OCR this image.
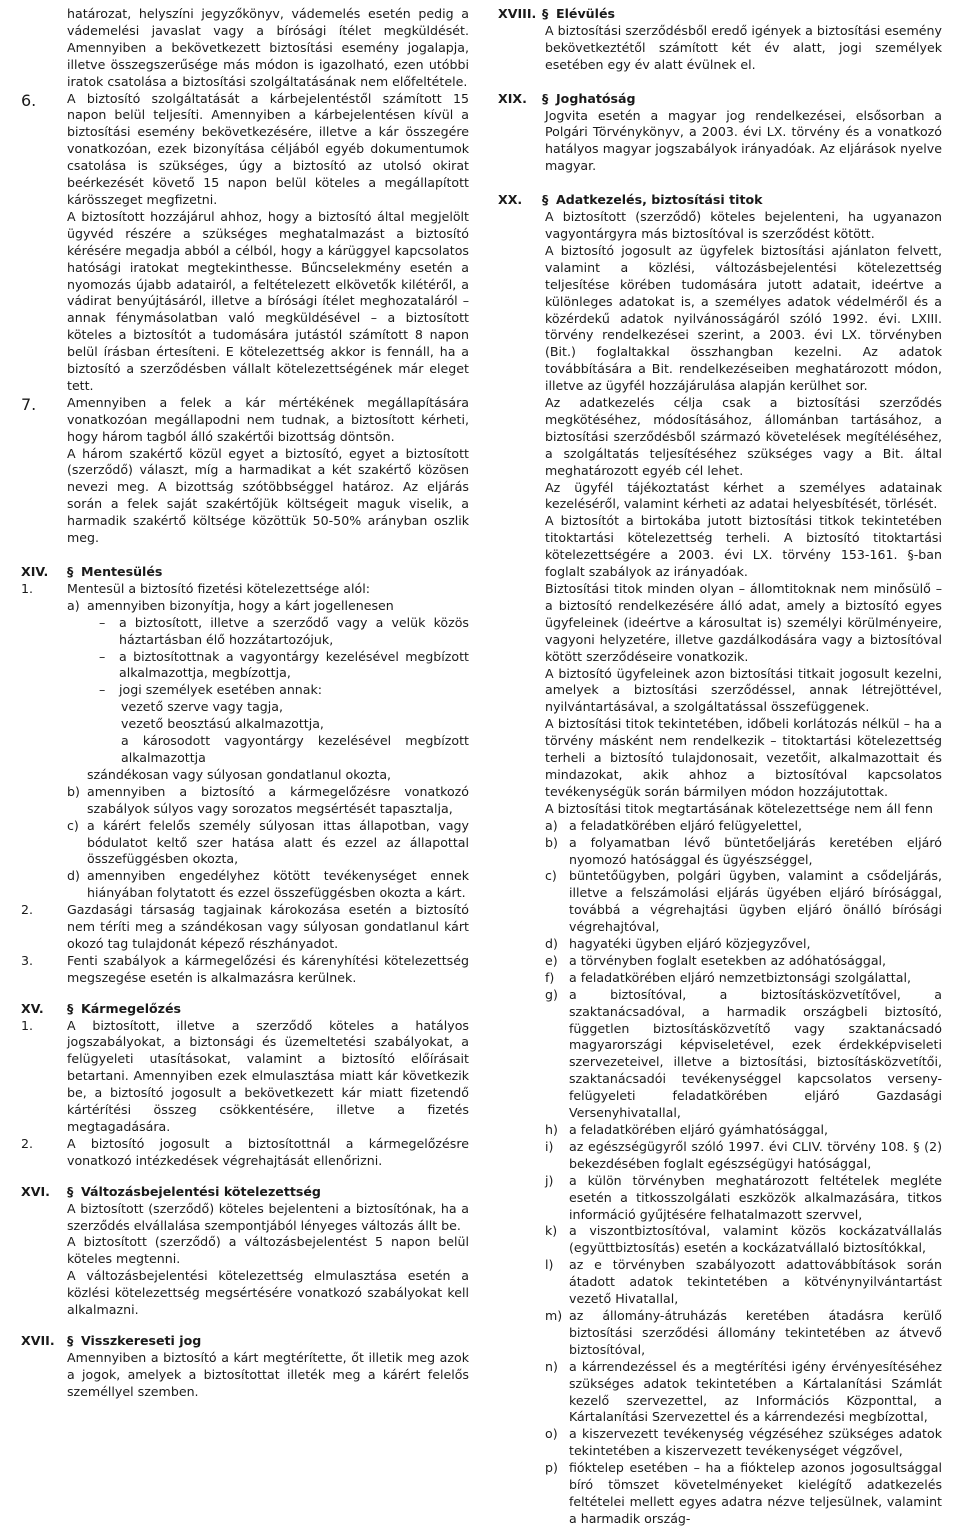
határozat, helyszíni jegyzőkönyv, vádemelés esetén pedig a vádemelési javaslat vagy a bírósági ítélet megküldését. Amennyiben a bekövetkezett biztosítási esemény jogalapja, illetve összegszerűsége más módon is igazolható, ezen utóbbi iratok csatolása a biztosítási szolgáltatásának nem előfeltétele.

6.	A biztosító szolgáltatását a kárbejelentéstől számított 15 napon belül teljesíti. Amennyiben a kárbejelentésen kívül a biztosítási esemény bekövetkezésére, illetve a kár összegére vonatkozóan, ezek bizonyítása céljából egyéb dokumentumok csatolása is szükséges, úgy a biztosító az utolsó okirat beérkezését követő 15 napon belül köteles a megállapított kárösszeget megfizetni.

A biztosított hozzájárul ahhoz, hogy a biztosító által megjelölt ügyvéd részére a szükséges meghatalmazást a biztosító kérésére megadja abból a célból, hogy a kárüggyel kapcsolatos hatósági iratokat megtekinthesse. Bűncselekmény esetén a nyomozás újabb adatairól, a feltételezett elkövetők kilétéről, a vádirat benyújtásáról, illetve a bírósági ítélet meghozataláról – annak fénymásolatban való megküldésével – a biztosított köteles a biztosítót a tudomására jutástól számított 8 napon belül írásban értesíteni. E kötelezettség akkor is fennáll, ha a biztosító a szerződésben vállalt kötelezettségének már eleget tett.

7.	Amennyiben a felek a kár mértékének megállapítására vonatkozóan megállapodni nem tudnak, a biztosított kérheti, hogy három tagból álló szakértői bizottság döntsön.

A három szakértő közül egyet a biztosító, egyet a biztosított (szerződő) választ, míg a harmadikat a két szakértő közösen nevezi meg. A bizottság szótöbbséggel határoz. Az eljárás során a felek saját szakértőjük költségeit maguk viselik, a harmadik szakértő költsége közöttük 50-50% arányban oszlik meg.

XIV.	§ Mentesülés
1.	Mentesül a biztosító fizetési kötelezettsége alól:

a) amennyiben bizonyítja, hogy a kárt jogellenesen

–	a biztosított, illetve a szerződő vagy a velük közös háztartásban élő hozzátartozójuk,

–	a biztosítottnak a vagyontárgy kezelésével megbízott alkalmazottja, megbízottja,

–	jogi személyek esetében annak:

vezető szerve vagy tagja,

vezető beosztású alkalmazottja,

a károsodott vagyontárgy kezelésével megbízott alkalmazottja

szándékosan vagy súlyosan gondatlanul okozta,

b) amennyiben a biztosító a kármegelőzésre vonatkozó szabályok súlyos vagy sorozatos megsértését tapasztalja,

c) a kárért felelős személy súlyosan ittas állapotban, vagy bódulatot keltő szer hatása alatt és ezzel az állapottal összefüggésben okozta,

d) amennyiben engedélyhez kötött tevékenységet ennek hiányában folytatott és ezzel összefüggésben okozta a kárt.

2.	Gazdasági társaság tagjainak károkozása esetén a biztosító nem téríti meg a szándékosan vagy súlyosan gondatlanul kárt okozó tag tulajdonát képező részhányadot.

3.	Fenti szabályok a kármegelőzési és kárenyhítési kötelezettség megszegése esetén is alkalmazásra kerülnek.

XV.	§ Kármegelőzés
1.	A biztosított, illetve a szerződő köteles a hatályos jogszabályokat, a biztonsági és üzemeltetési szabályokat, a felügyeleti utasításokat, valamint a biztosító előírásait betartani. Amennyiben ezek elmulasztása miatt kár következik be, a biztosító jogosult a bekövetkezett kár miatt fizetendő kártérítési összeg csökkentésére, illetve a fizetés megtagadására.

2.	A biztosító jogosult a biztosítottnál a kármegelőzésre vonatkozó intézkedések végrehajtását ellenőrizni.

XVI.	§ Változásbejelentési kötelezettség

A biztosított (szerződő) köteles bejelenteni a biztosítónak, ha a szerződés elvállalása szempontjából lényeges változás állt be.

A biztosított (szerződő) a változásbejelentést 5 napon belül köteles megtenni.

A változásbejelentési kötelezettség elmulasztása esetén a közlési kötelezettség megsértésére vonatkozó szabályokat kell alkalmazni.

XVII. § Visszkereseti jog

Amennyiben a biztosító a kárt megtérítette, őt illetik meg azok a jogok, amelyek a biztosítottat illeték meg a kárért felelős személlyel szemben.

XVIII. § Elévülés

A biztosítási szerződésből eredő igények a biztosítási esemény bekövetkeztétől számított két év alatt, jogi személyek esetében egy év alatt évülnek el.

XIX.	§ Joghatóság

Jogvita esetén a magyar jog rendelkezései, elsősorban a Polgári Törvénykönyv, a 2003. évi LX. törvény és a vonatkozó hatályos magyar jogszabályok irányadóak. Az eljárások nyelve magyar.

XX.	§ Adatkezelés, biztosítási titok

A biztosított (szerződő) köteles bejelenteni, ha ugyanazon vagyontárgyra más biztosítóval is szerződést kötött.

A biztosító jogosult az ügyfelek biztosítási ajánlaton felvett, valamint a közlési, változásbejelentési kötelezettség teljesítése körében tudomására jutott adatait, ideértve a különleges adatokat is, a személyes adatok védelméről és a közérdekű adatok nyilvánosságáról szóló 1992. évi. LXIII. törvény rendelkezései szerint, a 2003. évi LX. törvényben (Bit.) foglaltakkal összhangban kezelni. Az adatok továbbítására a Bit. rendelkezéseiben meghatározott módon, illetve az ügyfél hozzájárulása alapján kerülhet sor.

Az adatkezelés célja csak a biztosítási szerződés megkötéséhez, módosításához, állománban tartásához, a biztosítási szerződésből származó követelések megítéléséhez, a szolgáltatás teljesítéséhez szükséges vagy a Bit. által meghatározott egyéb cél lehet.

Az ügyfél tájékoztatást kérhet a személyes adatainak kezeléséről, valamint kérheti az adatai helyesbítését, törlését.

A biztosítót a birtokába jutott biztosítási titkok tekintetében titoktartási kötelezettség terheli. A biztosító titoktartási kötelezettségére a 2003. évi LX. törvény 153-161. §-ban foglalt szabályok az irányadóak.

Biztosítási titok minden olyan – állomtitoknak nem minősülő – a biztosító rendelkezésére álló adat, amely a biztosító egyes ügyfeleinek (ideértve a károsultat is) személyi körülményeire, vagyoni helyzetére, illetve gazdálkodására vagy a biztosítóval kötött szerződéseire vonatkozik.

A biztosító ügyfeleinek azon biztosítási titkait jogosult kezelni, amelyek a biztosítási szerződéssel, annak létrejöttével, nyilvántartásával, a szolgáltatással összefüggenek.

A biztosítási titok tekintetében, időbeli korlátozás nélkül – ha a törvény másként nem rendelkezik – titoktartási kötelezettség terheli a biztosító tulajdonosait, vezetőit, alkalmazottait és mindazokat, akik ahhoz a biztosítóval kapcsolatos tevékenységük során bármilyen módon hozzájutottak.

A biztosítási titok megtartásának kötelezettsége nem áll fenn

a) a feladatkörében eljáró felügyelettel,

b) a folyamatban lévő büntetőeljárás keretében eljáró nyomozó hatósággal és ügyészséggel,

c) büntetőügyben, polgári ügyben, valamint a csődeljárás, illetve a felszámolási eljárás ügyében eljáró bírósággal, továbbá a végrehajtási ügyben eljáró önálló bírósági végrehajtóval,

d) hagyatéki ügyben eljáró közjegyzővel,

e) a törvényben foglalt esetekben az adóhatósággal,

f)	a feladatkörében eljáró nemzetbiztonsági szolgálattal,

g) a biztosítóval, a biztosításközvetítővel, a szaktanácsadóval, a harmadik országbeli biztosító, független biztosításközvetítő vagy szaktanácsadó magyarországi képviseletével, ezek érdekképviseleti szervezeteivel, illetve a biztosítási, biztosításközvetítői, szaktanácsadói tevékenységgel kapcsolatos verseny-felügyeleti feladatkörében eljáró Gazdasági Versenyhivatallal,

h) a feladatkörében eljáró gyámhatósággal,

i)	az egészségügyről szóló 1997. évi CLIV. törvény 108. § (2) bekezdésében foglalt egészségügyi hatósággal,

j)	a külön törvényben meghatározott feltételek megléte esetén a titkosszolgálati eszközök alkalmazására, titkos információ gyűjtésére felhatalmazott szervvel,

k) a viszontbiztosítóval, valamint közös kockázatvállalás (együttbiztosítás) esetén a kockázatvállaló biztosítókkal,

l)	az e törvényben szabályozott adattovábbítások során átadott adatok tekintetében a kötvénynyilvántartást vezető Hivatallal,

m) az állomány-átruházás keretében átadásra kerülő biztosítási szerződési állomány tekintetében az átvevő biztosítóval,

n) a kárrendezéssel és a megtérítési igény érvényesítéséhez szükséges adatok tekintetében a Kártalanítási Számlát kezelő szervezettel, az Információs Központtal, a Kártalanítási Szervezettel és a kárrendezési megbízottal,

o) a kiszervezett tevékenység végzéséhez szükséges adatok tekintetében a kiszervezett tevékenységet végzővel,

p) fióktelep esetében – ha a fióktelep azonos jogosultsággal bíró tömszet követelményeket kielégítő adatkezelés feltételei mellett egyes adatra nézve teljesülnek, valamint a harmadik ország-
